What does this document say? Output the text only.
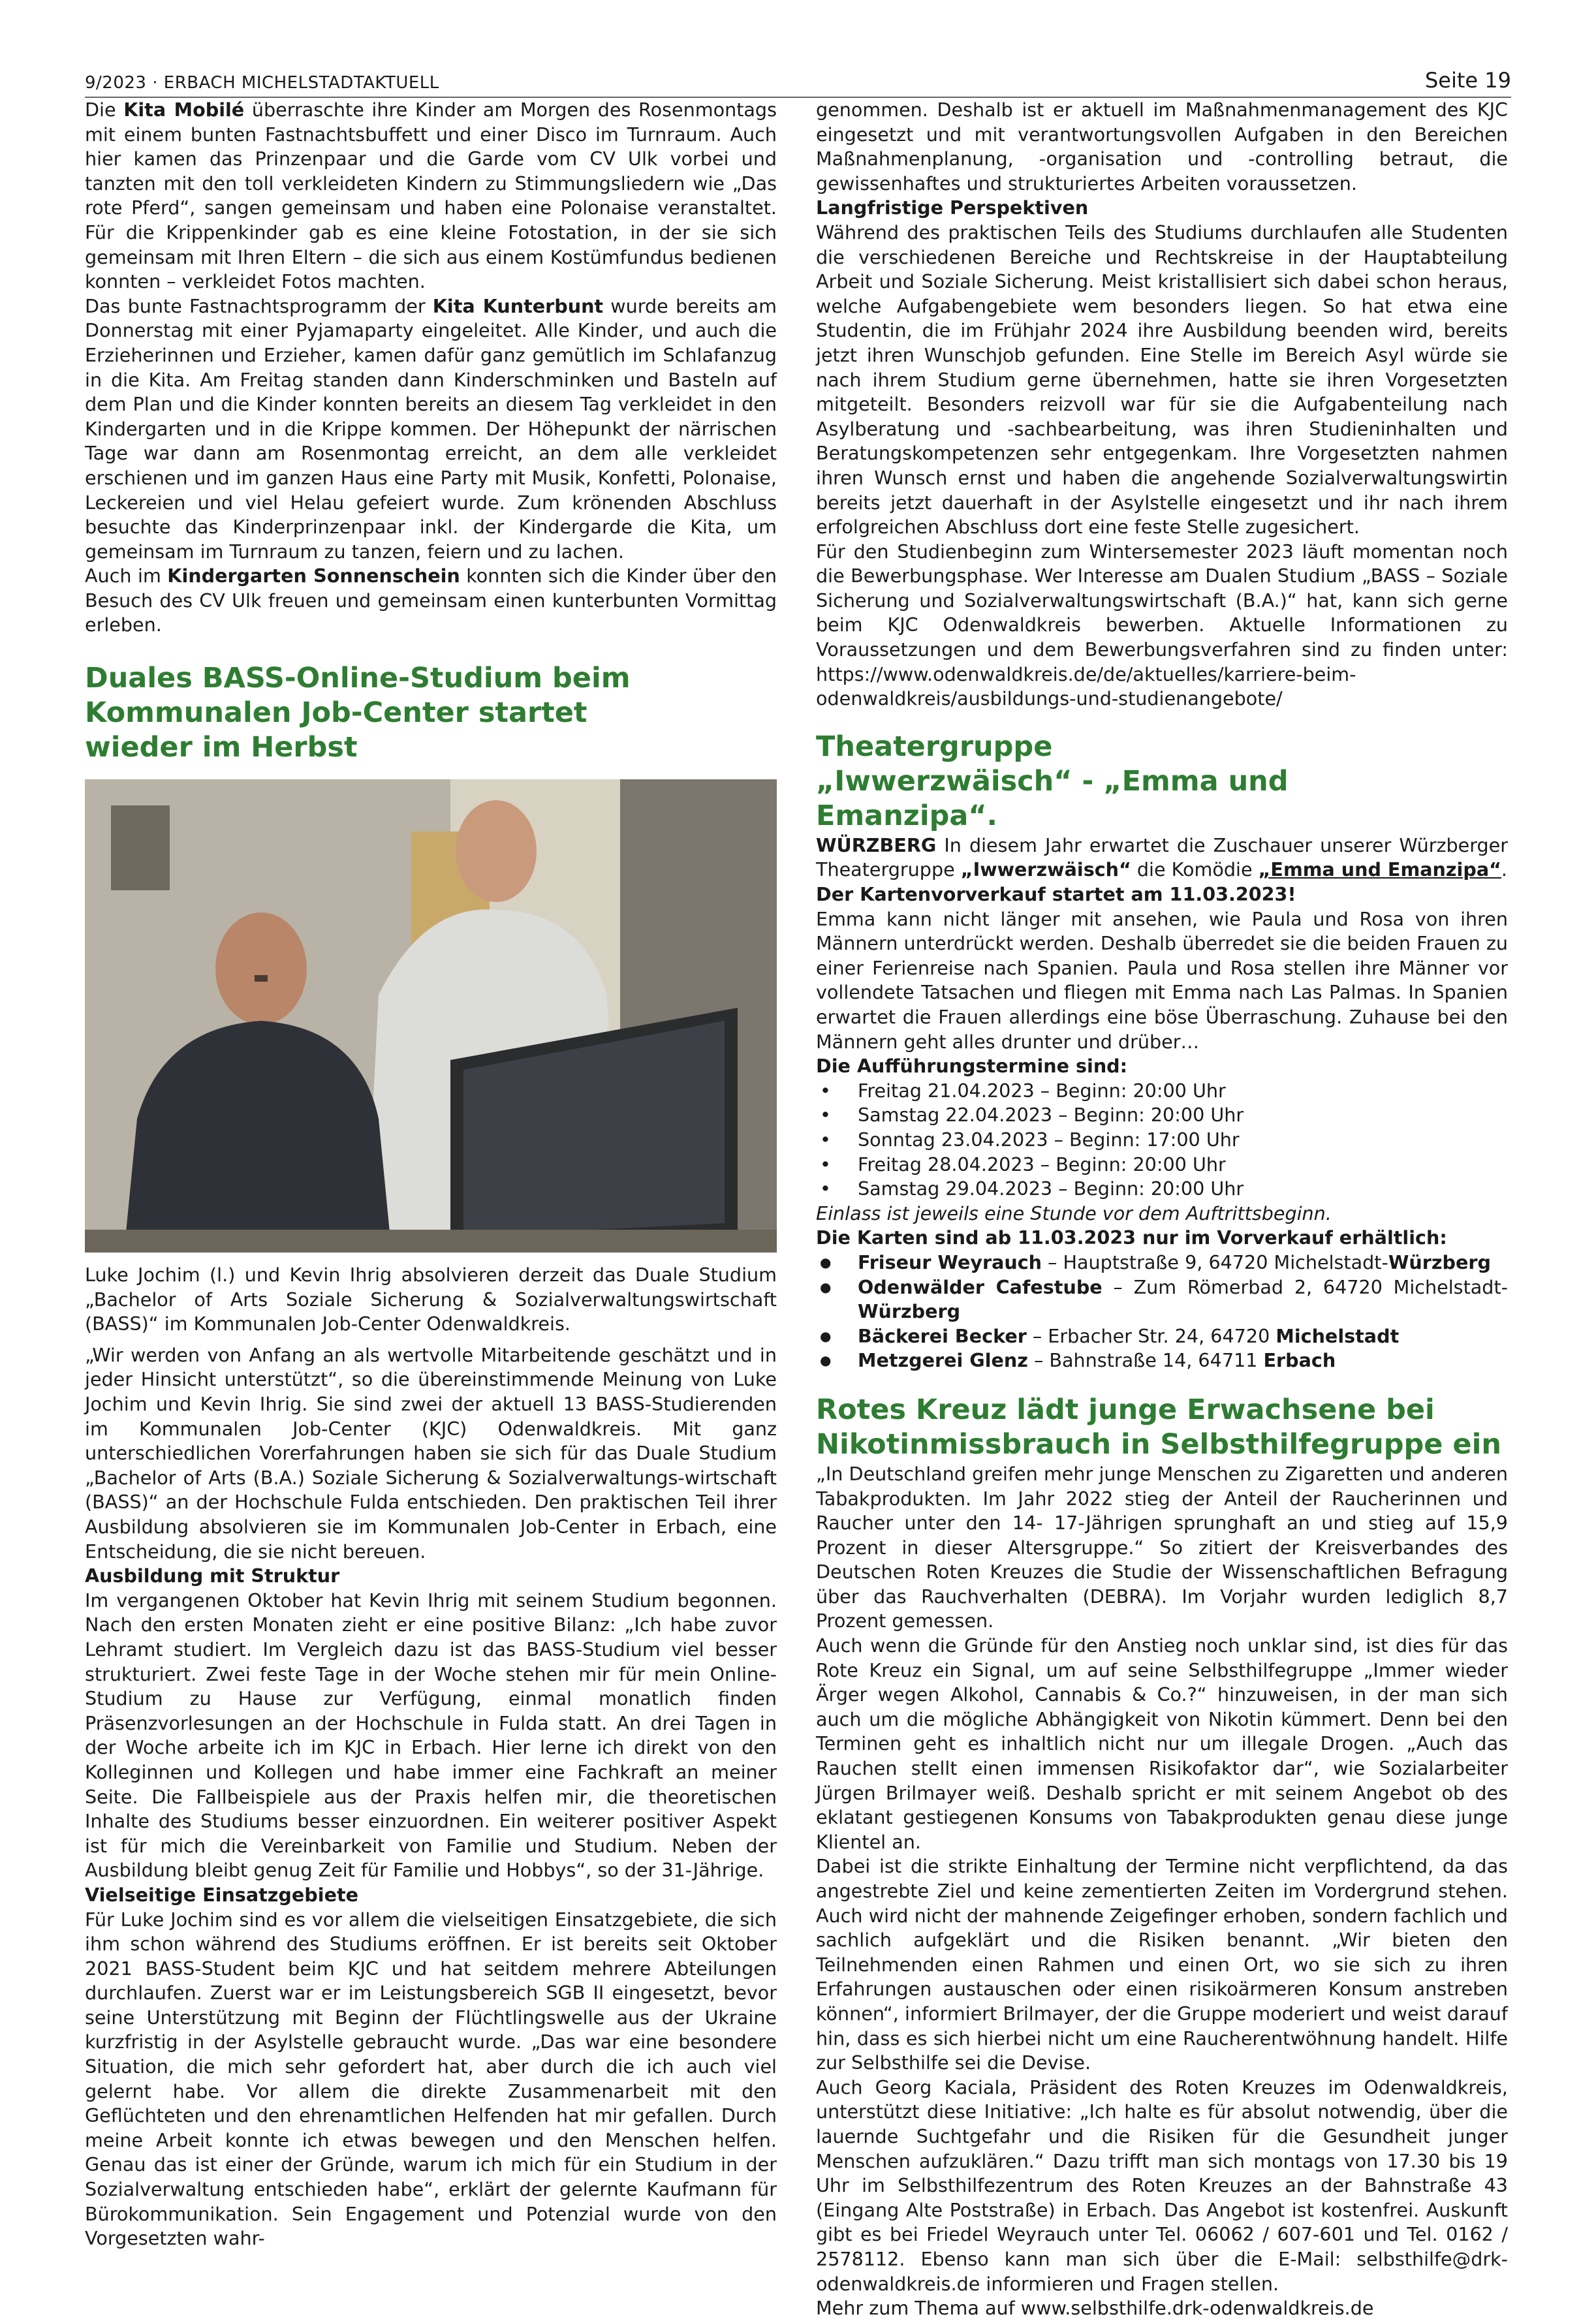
9/2023 · ERBACH MICHELSTADTAKTUELL	Seite 19

Die Kita Mobilé überraschte ihre Kinder am Morgen des Rosenmontags mit einem bunten Fastnachtsbuffett und einer Disco im Turnraum. Auch hier kamen das Prinzenpaar und die Garde vom CV Ulk vorbei und tanzten mit den toll verkleideten Kindern zu Stimmungsliedern wie „Das rote Pferd“, sangen gemeinsam und haben eine Polonaise veranstaltet. Für die Krippenkinder gab es eine kleine Fotostation, in der sie sich gemeinsam mit Ihren Eltern – die sich aus einem Kostümfundus bedienen konnten – verkleidet Fotos machten.

Das bunte Fastnachtsprogramm der Kita Kunterbunt wurde bereits am Donnerstag mit einer Pyjamaparty eingeleitet. Alle Kinder, und auch die Erzieherinnen und Erzieher, kamen dafür ganz gemütlich im Schlafanzug in die Kita. Am Freitag standen dann Kinderschminken und Basteln auf dem Plan und die Kinder konnten bereits an diesem Tag verkleidet in den Kindergarten und in die Krippe kommen. Der Höhepunkt der närrischen Tage war dann am Rosenmontag erreicht, an dem alle verkleidet erschienen und im ganzen Haus eine Party mit Musik, Konfetti, Polonaise, Leckereien und viel Helau gefeiert wurde. Zum krönenden Abschluss besuchte das Kinderprinzenpaar inkl. der Kindergarde die Kita, um gemeinsam im Turnraum zu tanzen, feiern und zu lachen.

Auch im Kindergarten Sonnenschein konnten sich die Kinder über den Besuch des CV Ulk freuen und gemeinsam einen kunterbunten Vormittag erleben.

Duales BASS-Online-Studium beim Kommunalen Job-Center startet wieder im Herbst

Luke Jochim (l.) und Kevin Ihrig absolvieren derzeit das Duale Studium „Bachelor of Arts Soziale Sicherung & Sozialverwaltungswirtschaft (BASS)“ im Kommunalen Job-Center Odenwaldkreis.

„Wir werden von Anfang an als wertvolle Mitarbeitende geschätzt und in jeder Hinsicht unterstützt“, so die übereinstimmende Meinung von Luke Jochim und Kevin Ihrig. Sie sind zwei der aktuell 13 BASS-Studierenden im Kommunalen Job-Center (KJC) Odenwaldkreis. Mit ganz unterschiedlichen Vorerfahrungen haben sie sich für das Duale Studium „Bachelor of Arts (B.A.) Soziale Sicherung & Sozialverwaltungs-wirtschaft (BASS)“ an der Hochschule Fulda entschieden. Den praktischen Teil ihrer Ausbildung absolvieren sie im Kommunalen Job-Center in Erbach, eine Entscheidung, die sie nicht bereuen.

Ausbildung mit Struktur

Im vergangenen Oktober hat Kevin Ihrig mit seinem Studium begonnen. Nach den ersten Monaten zieht er eine positive Bilanz: „Ich habe zuvor Lehramt studiert. Im Vergleich dazu ist das BASS-Studium viel besser strukturiert. Zwei feste Tage in der Woche stehen mir für mein Online-Studium zu Hause zur Verfügung, einmal monatlich finden Präsenzvorlesungen an der Hochschule in Fulda statt. An drei Tagen in der Woche arbeite ich im KJC in Erbach. Hier lerne ich direkt von den Kolleginnen und Kollegen und habe immer eine Fachkraft an meiner Seite. Die Fallbeispiele aus der Praxis helfen mir, die theoretischen Inhalte des Studiums besser einzuordnen. Ein weiterer positiver Aspekt ist für mich die Vereinbarkeit von Familie und Studium. Neben der Ausbildung bleibt genug Zeit für Familie und Hobbys“, so der 31-Jährige.

Vielseitige Einsatzgebiete

Für Luke Jochim sind es vor allem die vielseitigen Einsatzgebiete, die sich ihm schon während des Studiums eröffnen. Er ist bereits seit Oktober 2021 BASS-Student beim KJC und hat seitdem mehrere Abteilungen durchlaufen. Zuerst war er im Leistungsbereich SGB II eingesetzt, bevor seine Unterstützung mit Beginn der Flüchtlingswelle aus der Ukraine kurzfristig in der Asylstelle gebraucht wurde. „Das war eine besondere Situation, die mich sehr gefordert hat, aber durch die ich auch viel gelernt habe. Vor allem die direkte Zusammenarbeit mit den Geflüchteten und den ehrenamtlichen Helfenden hat mir gefallen. Durch meine Arbeit konnte ich etwas bewegen und den Menschen helfen. Genau das ist einer der Gründe, warum ich mich für ein Studium in der Sozialverwaltung entschieden habe“, erklärt der gelernte Kaufmann für Bürokommunikation. Sein Engagement und Potenzial wurde von den Vorgesetzten wahr-

genommen. Deshalb ist er aktuell im Maßnahmenmanagement des KJC eingesetzt und mit verantwortungsvollen Aufgaben in den Bereichen Maßnahmenplanung, -organisation und -controlling betraut, die gewissenhaftes und strukturiertes Arbeiten voraussetzen.

Langfristige Perspektiven

Während des praktischen Teils des Studiums durchlaufen alle Studenten die verschiedenen Bereiche und Rechtskreise in der Hauptabteilung Arbeit und Soziale Sicherung. Meist kristallisiert sich dabei schon heraus, welche Aufgabengebiete wem besonders liegen. So hat etwa eine Studentin, die im Frühjahr 2024 ihre Ausbildung beenden wird, bereits jetzt ihren Wunschjob gefunden. Eine Stelle im Bereich Asyl würde sie nach ihrem Studium gerne übernehmen, hatte sie ihren Vorgesetzten mitgeteilt. Besonders reizvoll war für sie die Aufgabenteilung nach Asylberatung und -sachbearbeitung, was ihren Studieninhalten und Beratungskompetenzen sehr entgegenkam. Ihre Vorgesetzten nahmen ihren Wunsch ernst und haben die angehende Sozialverwaltungswirtin bereits jetzt dauerhaft in der Asylstelle eingesetzt und ihr nach ihrem erfolgreichen Abschluss dort eine feste Stelle zugesichert.

Für den Studienbeginn zum Wintersemester 2023 läuft momentan noch die Bewerbungsphase. Wer Interesse am Dualen Studium „BASS – Soziale Sicherung und Sozialverwaltungswirtschaft (B.A.)“ hat, kann sich gerne beim KJC Odenwaldkreis bewerben. Aktuelle Informationen zu Voraussetzungen und dem Bewerbungsverfahren sind zu finden unter: https://www.odenwaldkreis.de/de/aktuelles/karriere-beim-odenwaldkreis/ausbildungs-und-studienangebote/

Theatergruppe „Iwwerzwäisch“ - „Emma und Emanzipa“.

WÜRZBERG In diesem Jahr erwartet die Zuschauer unserer Würzberger Theatergruppe „Iwwerzwäisch“ die Komödie „Emma und Emanzipa“.

Der Kartenvorverkauf startet am 11.03.2023!

Emma kann nicht länger mit ansehen, wie Paula und Rosa von ihren Männern unterdrückt werden. Deshalb überredet sie die beiden Frauen zu einer Ferienreise nach Spanien. Paula und Rosa stellen ihre Männer vor vollendete Tatsachen und fliegen mit Emma nach Las Palmas. In Spanien erwartet die Frauen allerdings eine böse Überraschung. Zuhause bei den Männern geht alles drunter und drüber…

Die Aufführungstermine sind:

• Freitag 21.04.2023 – Beginn: 20:00 Uhr
• Samstag 22.04.2023 – Beginn: 20:00 Uhr
• Sonntag 23.04.2023 – Beginn: 17:00 Uhr
• Freitag 28.04.2023 – Beginn: 20:00 Uhr
• Samstag 29.04.2023 – Beginn: 20:00 Uhr

Einlass ist jeweils eine Stunde vor dem Auftrittsbeginn.

Die Karten sind ab 11.03.2023 nur im Vorverkauf erhältlich:

● Friseur Weyrauch – Hauptstraße 9, 64720 Michelstadt-Würzberg
● Odenwälder Cafestube – Zum Römerbad 2, 64720 Michelstadt-Würzberg
● Bäckerei Becker – Erbacher Str. 24, 64720 Michelstadt
● Metzgerei Glenz – Bahnstraße 14, 64711 Erbach
Rotes Kreuz lädt junge Erwachsene bei Nikotinmissbrauch in Selbsthilfegruppe ein

„In Deutschland greifen mehr junge Menschen zu Zigaretten und anderen Tabakprodukten. Im Jahr 2022 stieg der Anteil der Raucherinnen und Raucher unter den 14- 17-Jährigen sprunghaft an und stieg auf 15,9 Prozent in dieser Altersgruppe.“ So zitiert der Kreisverbandes des Deutschen Roten Kreuzes die Studie der Wissenschaftlichen Befragung über das Rauchverhalten (DEBRA). Im Vorjahr wurden lediglich 8,7 Prozent gemessen.

Auch wenn die Gründe für den Anstieg noch unklar sind, ist dies für das Rote Kreuz ein Signal, um auf seine Selbsthilfegruppe „Immer wieder Ärger wegen Alkohol, Cannabis & Co.?“ hinzuweisen, in der man sich auch um die mögliche Abhängigkeit von Nikotin kümmert. Denn bei den Terminen geht es inhaltlich nicht nur um illegale Drogen. „Auch das Rauchen stellt einen immensen Risikofaktor dar“, wie Sozialarbeiter Jürgen Brilmayer weiß. Deshalb spricht er mit seinem Angebot ob des eklatant gestiegenen Konsums von Tabakprodukten genau diese junge Klientel an.

Dabei ist die strikte Einhaltung der Termine nicht verpflichtend, da das angestrebte Ziel und keine zementierten Zeiten im Vordergrund stehen. Auch wird nicht der mahnende Zeigefinger erhoben, sondern fachlich und sachlich aufgeklärt und die Risiken benannt. „Wir bieten den Teilnehmenden einen Rahmen und einen Ort, wo sie sich zu ihren Erfahrungen austauschen oder einen risikoärmeren Konsum anstreben können“, informiert Brilmayer, der die Gruppe moderiert und weist darauf hin, dass es sich hierbei nicht um eine Raucherentwöhnung handelt. Hilfe zur Selbsthilfe sei die Devise.

Auch Georg Kaciala, Präsident des Roten Kreuzes im Odenwaldkreis, unterstützt diese Initiative: „Ich halte es für absolut notwendig, über die lauernde Suchtgefahr und die Risiken für die Gesundheit junger Menschen aufzuklären.“ Dazu trifft man sich montags von 17.30 bis 19 Uhr im Selbsthilfezentrum des Roten Kreuzes an der Bahnstraße 43 (Eingang Alte Poststraße) in Erbach. Das Angebot ist kostenfrei. Auskunft gibt es bei Friedel Weyrauch unter Tel. 06062 / 607-601 und Tel. 0162 / 2578112. Ebenso kann man sich über die E-Mail: selbsthilfe@drk-odenwaldkreis.de informieren und Fragen stellen.

Mehr zum Thema auf www.selbsthilfe.drk-odenwaldkreis.de
